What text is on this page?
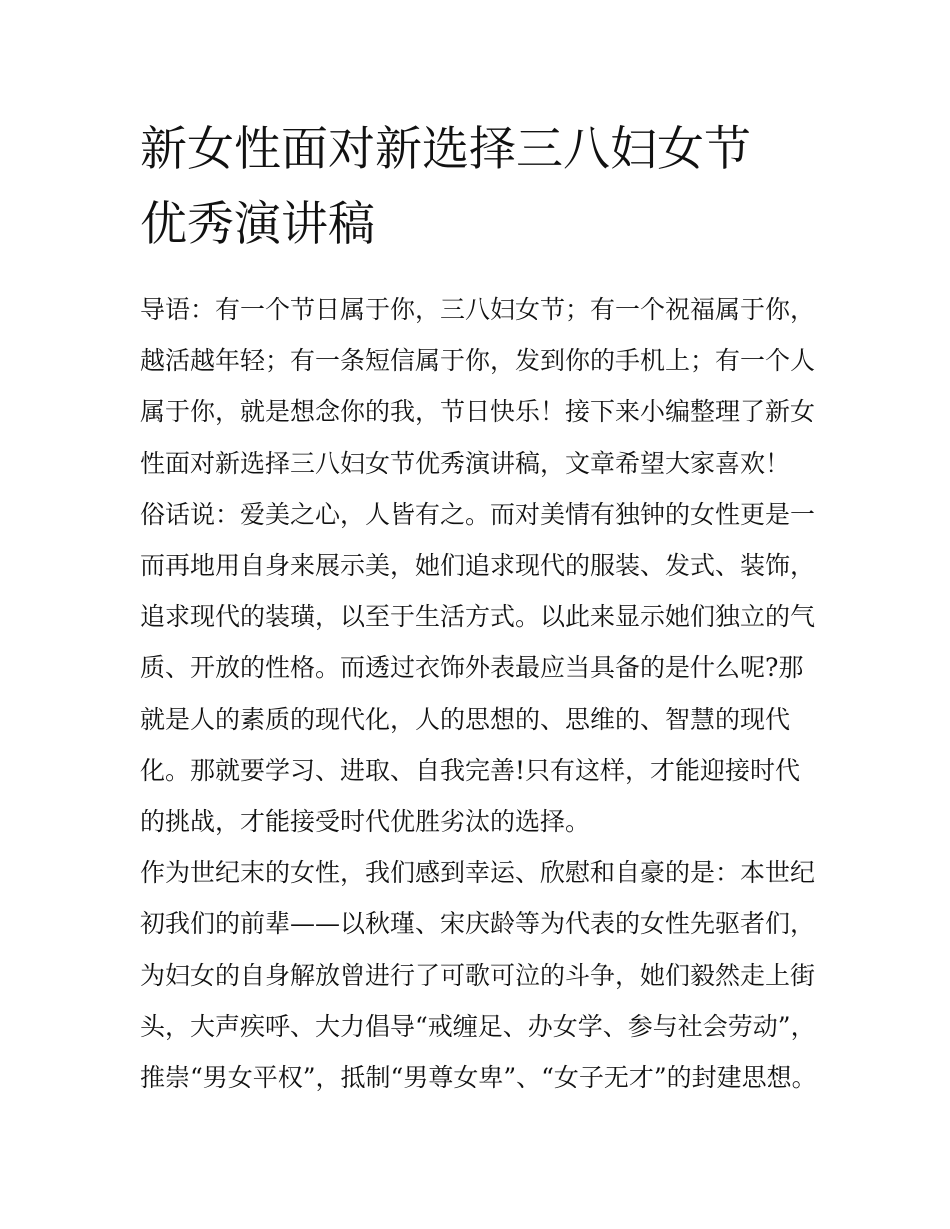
新女性面对新选择三八妇女节
优秀演讲稿
导语：有一个节日属于你，三八妇女节；有一个祝福属于你，
越活越年轻；有一条短信属于你，发到你的手机上；有一个人
属于你，就是想念你的我，节日快乐！接下来小编整理了新女
性面对新选择三八妇女节优秀演讲稿，文章希望大家喜欢！
俗话说：爱美之心，人皆有之。而对美情有独钟的女性更是一
而再地用自身来展示美，她们追求现代的服装、发式、装饰，
追求现代的装璜，以至于生活方式。以此来显示她们独立的气
质、开放的性格。而透过衣饰外表最应当具备的是什么呢?那
就是人的素质的现代化，人的思想的、思维的、智慧的现代
化。那就要学习、进取、自我完善!只有这样，才能迎接时代
的挑战，才能接受时代优胜劣汰的选择。
作为世纪末的女性，我们感到幸运、欣慰和自豪的是：本世纪
初我们的前辈——以秋瑾、宋庆龄等为代表的女性先驱者们，
为妇女的自身解放曾进行了可歌可泣的斗争，她们毅然走上街
头，大声疾呼、大力倡导“戒缠足、办女学、参与社会劳动”，
推崇“男女平权”，抵制“男尊女卑”、“女子无才”的封建思想。
